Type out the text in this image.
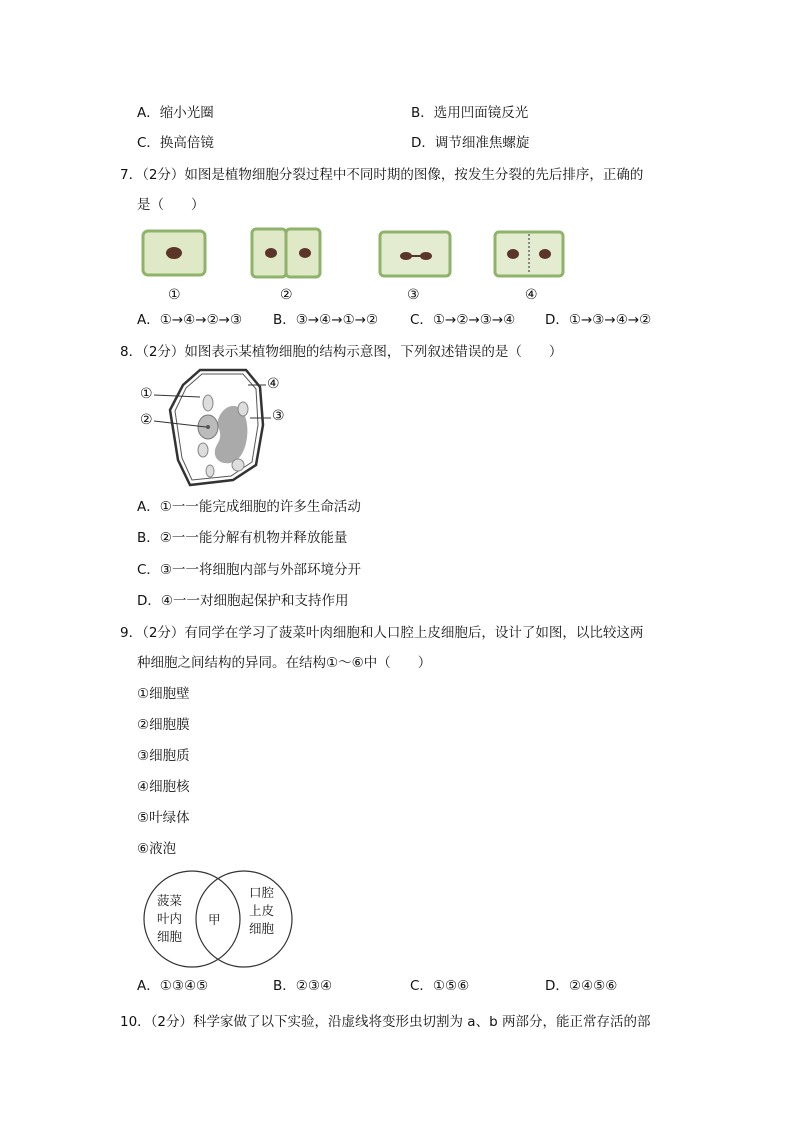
A．缩小光圈	B．选用凹面镜反光
C．换高倍镜	D．调节细准焦螺旋
7．（2分）如图是植物细胞分裂过程中不同时期的图像，按发生分裂的先后排序，正确的
是（　　）
①	②	③	④
A．①→④→②→③ B．③→④→①→② C．①→②→③→④ D．①→③→④→②
8．（2分）如图表示某植物细胞的结构示意图，下列叙述错误的是（　　）
①
②	③
④
A．①一一能完成细胞的许多生命活动
B．②一一能分解有机物并释放能量
C．③一一将细胞内部与外部环境分开
D．④一一对细胞起保护和支持作用
9．（2分）有同学在学习了菠菜叶肉细胞和人口腔上皮细胞后，设计了如图，以比较这两
种细胞之间结构的异同。在结构①～⑥中（　　）
①细胞壁
②细胞膜
③细胞质
④细胞核
⑤叶绿体
⑥液泡
菠菜
叶内
细胞
甲
口腔
上皮
细胞
A．①③④⑤	B．②③④	C．①⑤⑥	D．②④⑤⑥
10．（2分）科学家做了以下实验，沿虚线将变形虫切割为 a、b 两部分，能正常存活的部
